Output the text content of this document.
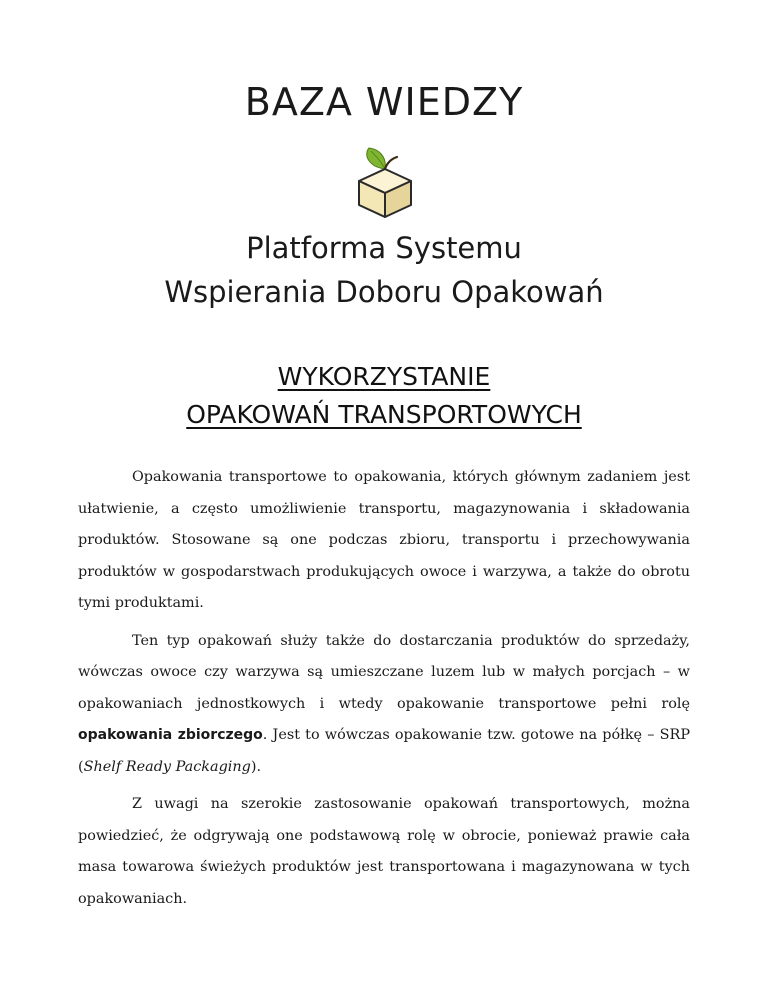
BAZA WIEDZY
Platforma Systemu
Wspierania Doboru Opakowań
WYKORZYSTANIE
OPAKOWAŃ TRANSPORTOWYCH

Opakowania transportowe to opakowania, których głównym zadaniem jest ułatwienie, a często umożliwienie transportu, magazynowania i składowania produktów. Stosowane są one podczas zbioru, transportu i przechowywania produktów w gospodarstwach produkujących owoce i warzywa, a także do obrotu tymi produktami.

Ten typ opakowań służy także do dostarczania produktów do sprzedaży, wówczas owoce czy warzywa są umieszczane luzem lub w małych porcjach – w opakowaniach jednostkowych i wtedy opakowanie transportowe pełni rolę opakowania zbiorczego. Jest to wówczas opakowanie tzw. gotowe na półkę – SRP (Shelf Ready Packaging).

Z uwagi na szerokie zastosowanie opakowań transportowych, można powiedzieć, że odgrywają one podstawową rolę w obrocie, ponieważ prawie cała masa towarowa świeżych produktów jest transportowana i magazynowana w tych opakowaniach.
